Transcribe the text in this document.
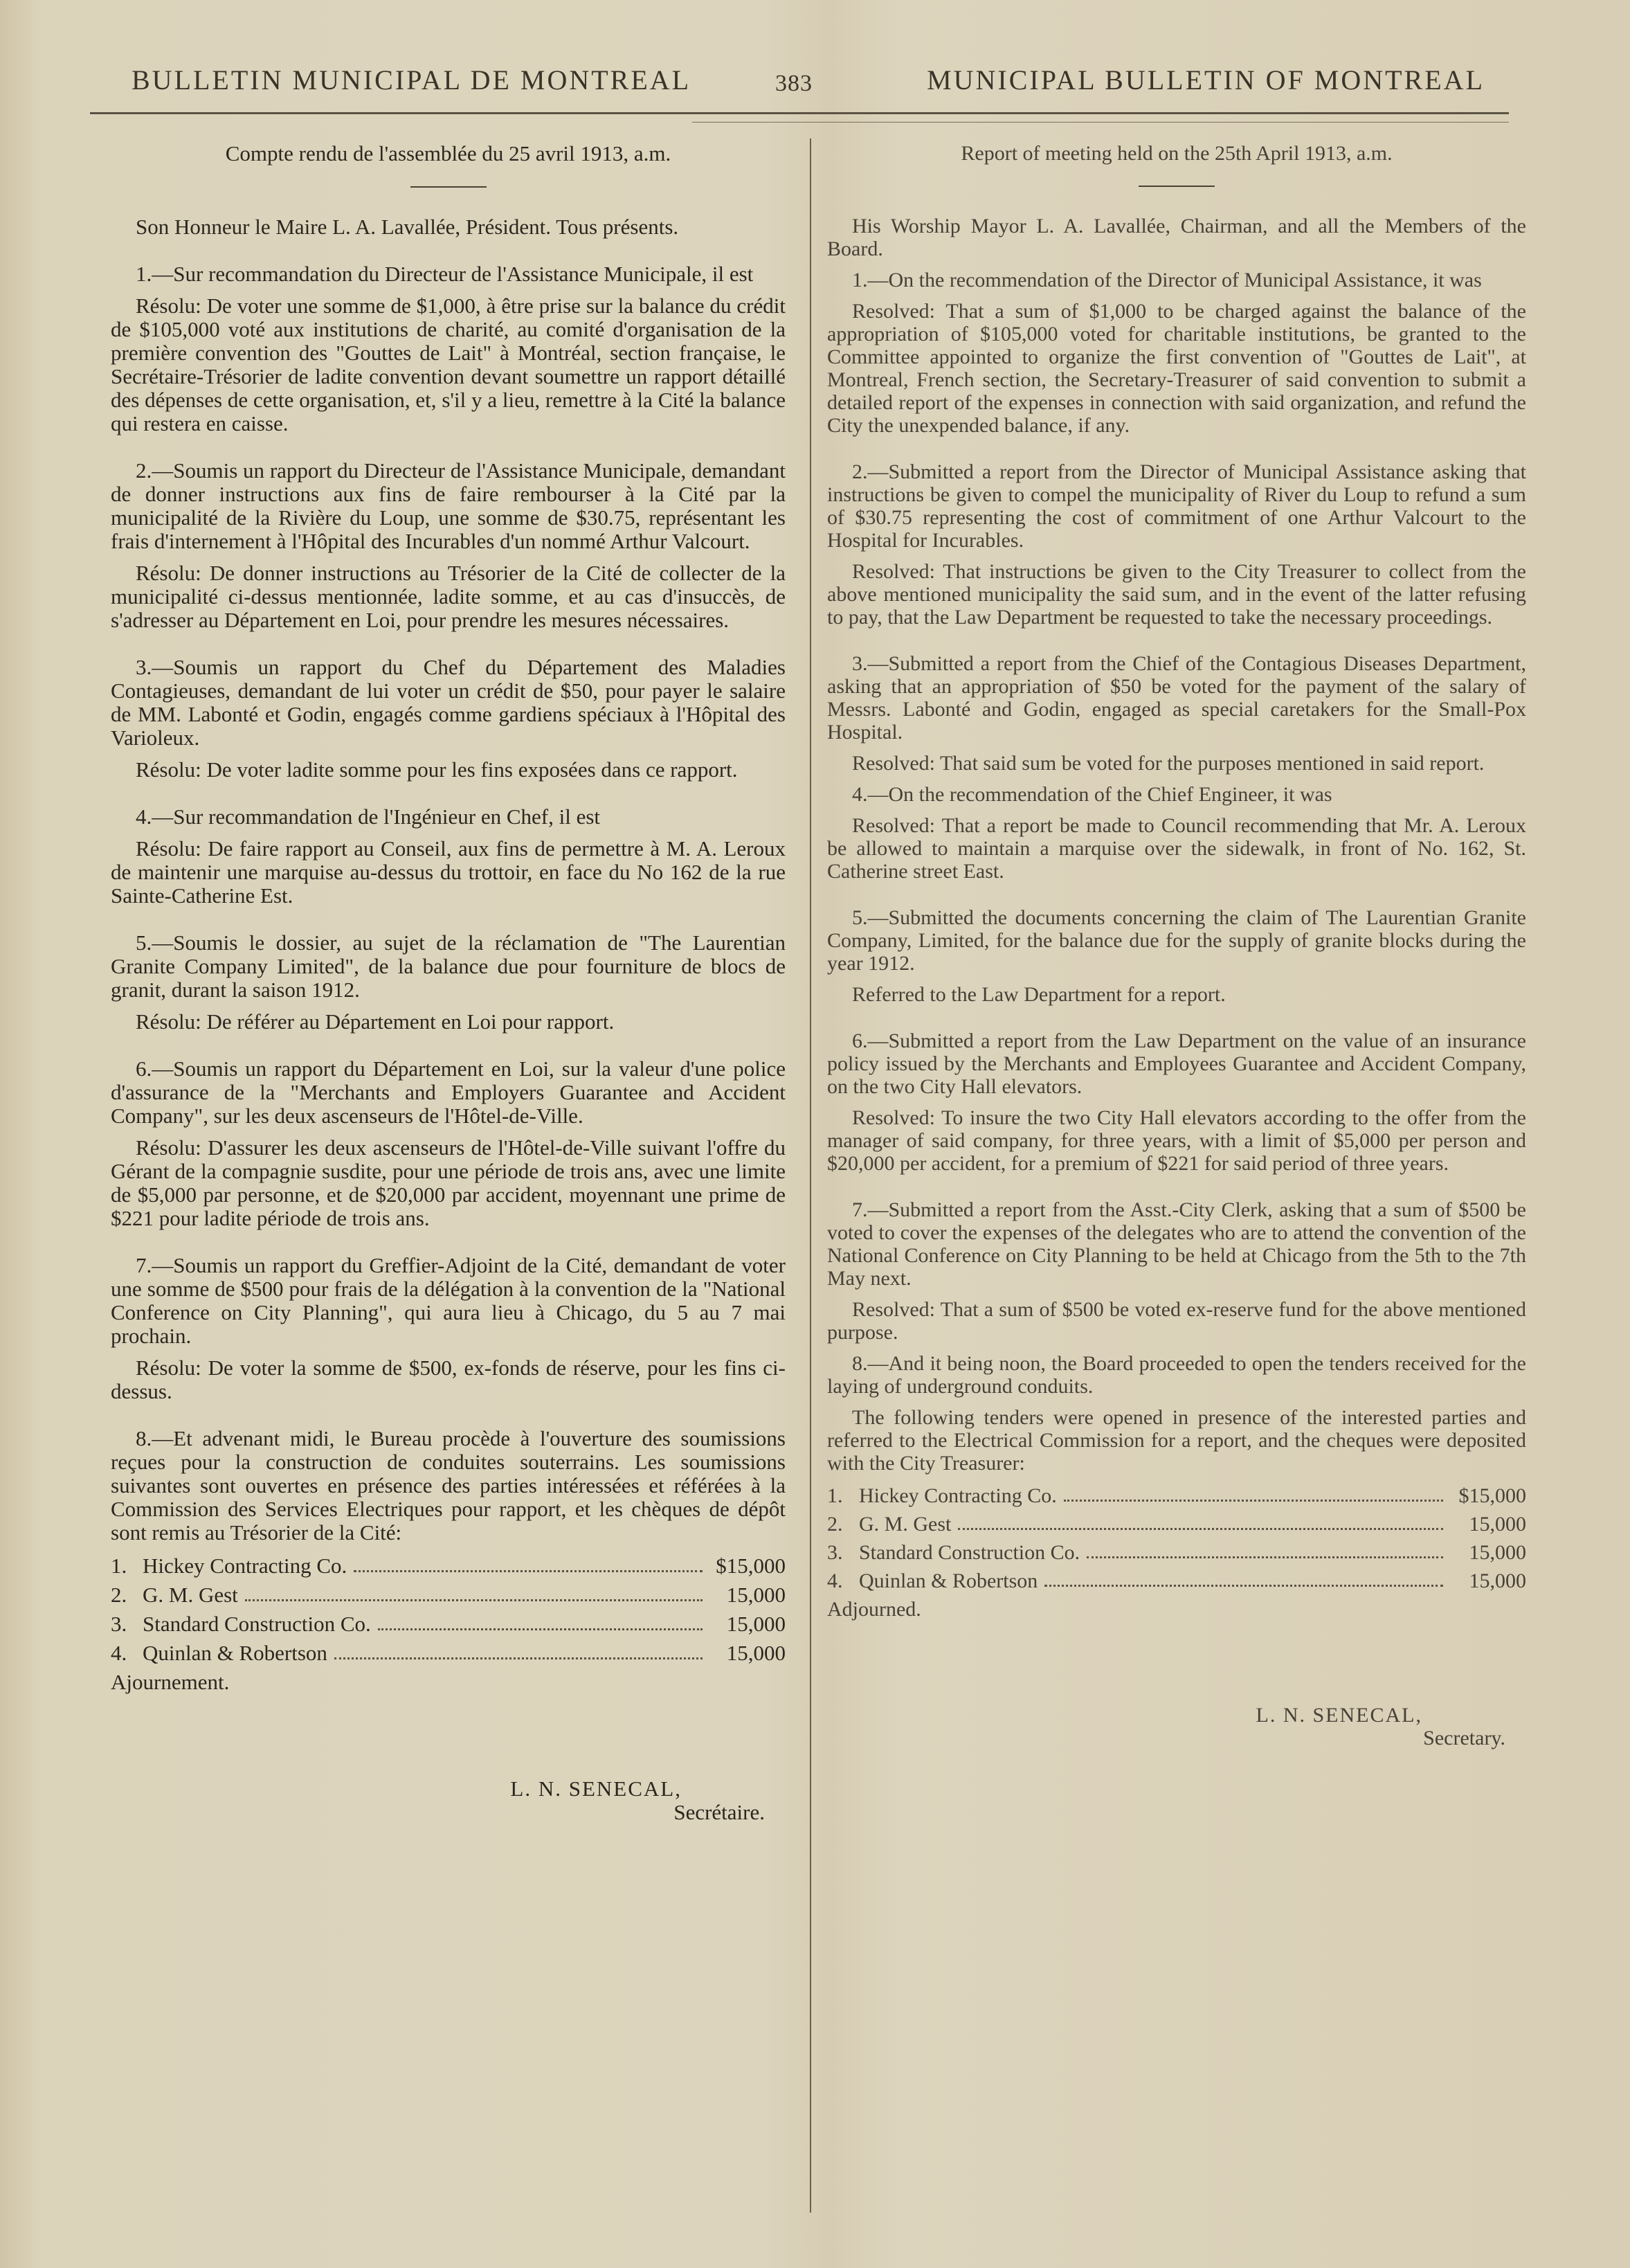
BULLETIN MUNICIPAL DE MONTREAL	383	MUNICIPAL BULLETIN OF MONTREAL

Compte rendu de l'assemblée du 25 avril 1913, a.m.

Son Honneur le Maire L. A. Lavallée, Président. Tous présents.

1.—Sur recommandation du Directeur de l'Assistance Municipale, il est

Résolu: De voter une somme de $1,000, à être prise sur la balance du crédit de $105,000 voté aux institutions de charité, au comité d'organisation de la première convention des "Gouttes de Lait" à Montréal, section française, le Secrétaire-Trésorier de ladite convention devant soumettre un rapport détaillé des dépenses de cette organisation, et, s'il y a lieu, remettre à la Cité la balance qui restera en caisse.

2.—Soumis un rapport du Directeur de l'Assistance Municipale, demandant de donner instructions aux fins de faire rembourser à la Cité par la municipalité de la Rivière du Loup, une somme de $30.75, représentant les frais d'internement à l'Hôpital des Incurables d'un nommé Arthur Valcourt.

Résolu: De donner instructions au Trésorier de la Cité de collecter de la municipalité ci-dessus mentionnée, ladite somme, et au cas d'insuccès, de s'adresser au Département en Loi, pour prendre les mesures nécessaires.

3.—Soumis un rapport du Chef du Département des Maladies Contagieuses, demandant de lui voter un crédit de $50, pour payer le salaire de MM. Labonté et Godin, engagés comme gardiens spéciaux à l'Hôpital des Varioleux.

Résolu: De voter ladite somme pour les fins exposées dans ce rapport.

4.—Sur recommandation de l'Ingénieur en Chef, il est

Résolu: De faire rapport au Conseil, aux fins de permettre à M. A. Leroux de maintenir une marquise au-dessus du trottoir, en face du No 162 de la rue Sainte-Catherine Est.

5.—Soumis le dossier, au sujet de la réclamation de "The Laurentian Granite Company Limited", de la balance due pour fourniture de blocs de granit, durant la saison 1912.

Résolu: De référer au Département en Loi pour rapport.

6.—Soumis un rapport du Département en Loi, sur la valeur d'une police d'assurance de la "Merchants and Employers Guarantee and Accident Company", sur les deux ascenseurs de l'Hôtel-de-Ville.

Résolu: D'assurer les deux ascenseurs de l'Hôtel-de-Ville suivant l'offre du Gérant de la compagnie susdite, pour une période de trois ans, avec une limite de $5,000 par personne, et de $20,000 par accident, moyennant une prime de $221 pour ladite période de trois ans.

7.—Soumis un rapport du Greffier-Adjoint de la Cité, demandant de voter une somme de $500 pour frais de la délégation à la convention de la "National Conference on City Planning", qui aura lieu à Chicago, du 5 au 7 mai prochain.

Résolu: De voter la somme de $500, ex-fonds de réserve, pour les fins ci-dessus.

8.—Et advenant midi, le Bureau procède à l'ouverture des soumissions reçues pour la construction de conduites souterrains. Les soumissions suivantes sont ouvertes en présence des parties intéressées et référées à la Commission des Services Electriques pour rapport, et les chèques de dépôt sont remis au Trésorier de la Cité:

1. Hickey Contracting Co.	$15,000
2. G. M. Gest	15,000
3. Standard Construction Co.	15,000
4. Quinlan & Robertson	15,000

Ajournement.

L. N. SENECAL,
Secrétaire.

Report of meeting held on the 25th April 1913, a.m.

His Worship Mayor L. A. Lavallée, Chairman, and all the Members of the Board.

1.—On the recommendation of the Director of Municipal Assistance, it was

Resolved: That a sum of $1,000 to be charged against the balance of the appropriation of $105,000 voted for charitable institutions, be granted to the Committee appointed to organize the first convention of "Gouttes de Lait", at Montreal, French section, the Secretary-Treasurer of said convention to submit a detailed report of the expenses in connection with said organization, and refund the City the unexpended balance, if any.

2.—Submitted a report from the Director of Municipal Assistance asking that instructions be given to compel the municipality of River du Loup to refund a sum of $30.75 representing the cost of commitment of one Arthur Valcourt to the Hospital for Incurables.

Resolved: That instructions be given to the City Treasurer to collect from the above mentioned municipality the said sum, and in the event of the latter refusing to pay, that the Law Department be requested to take the necessary proceedings.

3.—Submitted a report from the Chief of the Contagious Diseases Department, asking that an appropriation of $50 be voted for the payment of the salary of Messrs. Labonté and Godin, engaged as special caretakers for the Small-Pox Hospital.

Resolved: That said sum be voted for the purposes mentioned in said report.

4.—On the recommendation of the Chief Engineer, it was

Resolved: That a report be made to Council recommending that Mr. A. Leroux be allowed to maintain a marquise over the sidewalk, in front of No. 162, St. Catherine street East.

5.—Submitted the documents concerning the claim of The Laurentian Granite Company, Limited, for the balance due for the supply of granite blocks during the year 1912.

Referred to the Law Department for a report.

6.—Submitted a report from the Law Department on the value of an insurance policy issued by the Merchants and Employees Guarantee and Accident Company, on the two City Hall elevators.

Resolved: To insure the two City Hall elevators according to the offer from the manager of said company, for three years, with a limit of $5,000 per person and $20,000 per accident, for a premium of $221 for said period of three years.

7.—Submitted a report from the Asst.-City Clerk, asking that a sum of $500 be voted to cover the expenses of the delegates who are to attend the convention of the National Conference on City Planning to be held at Chicago from the 5th to the 7th May next.

Resolved: That a sum of $500 be voted ex-reserve fund for the above mentioned purpose.

8.—And it being noon, the Board proceeded to open the tenders received for the laying of underground conduits.

The following tenders were opened in presence of the interested parties and referred to the Electrical Commission for a report, and the cheques were deposited with the City Treasurer:

1. Hickey Contracting Co.	$15,000
2. G. M. Gest	15,000
3. Standard Construction Co.	15,000
4. Quinlan & Robertson	15,000

Adjourned.

L. N. SENECAL,
Secretary.
